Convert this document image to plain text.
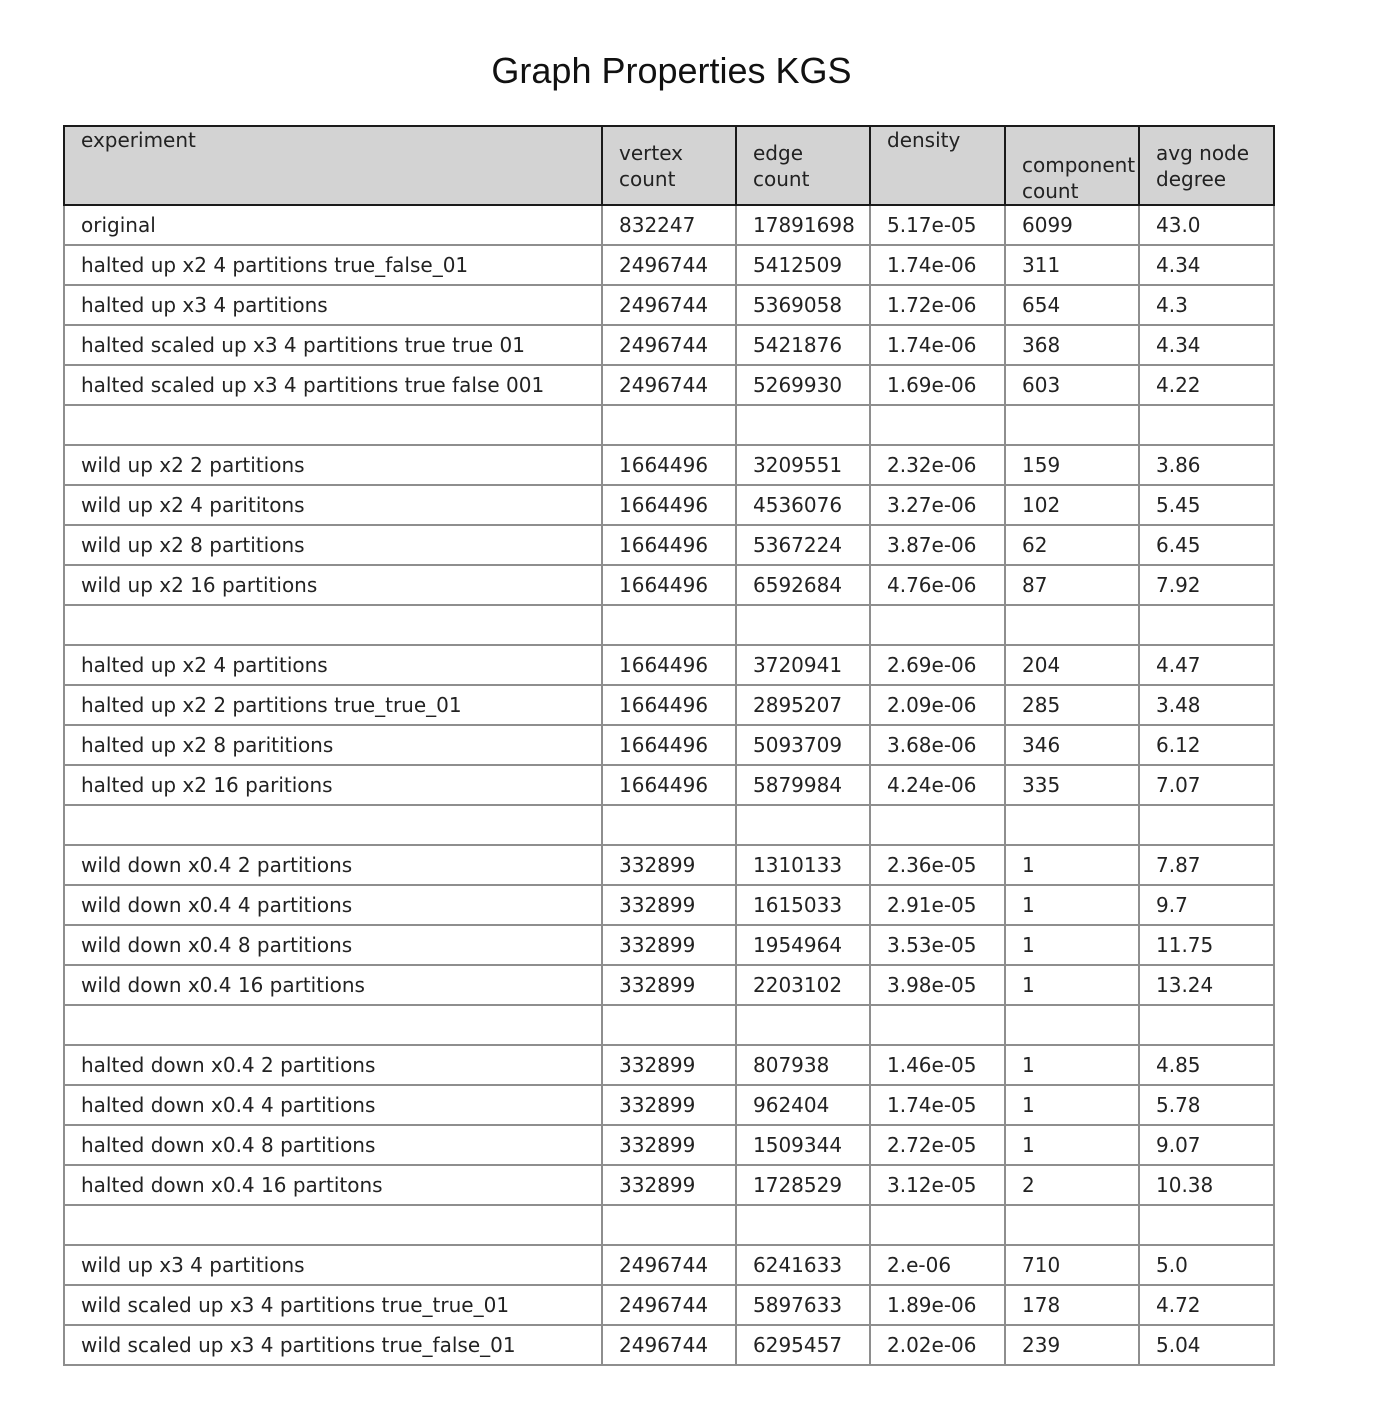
Graph Properties KGS
experiment	vertex count	edge count	density	component count	avg node degree
original	832247	17891698	5.17e-05	6099	43.0
halted up x2 4 partitions true_false_01	2496744	5412509	1.74e-06	311	4.34
halted up x3 4 partitions	2496744	5369058	1.72e-06	654	4.3
halted scaled up x3 4 partitions true true 01	2496744	5421876	1.74e-06	368	4.34
halted scaled up x3 4 partitions true false 001	2496744	5269930	1.69e-06	603	4.22

wild up x2 2 partitions	1664496	3209551	2.32e-06	159	3.86
wild up x2 4 parititons	1664496	4536076	3.27e-06	102	5.45
wild up x2 8 partitions	1664496	5367224	3.87e-06	62	6.45
wild up x2 16 partitions	1664496	6592684	4.76e-06	87	7.92

halted up x2 4 partitions	1664496	3720941	2.69e-06	204	4.47
halted up x2 2 partitions true_true_01	1664496	2895207	2.09e-06	285	3.48
halted up x2 8 parititions	1664496	5093709	3.68e-06	346	6.12
halted up x2 16 paritions	1664496	5879984	4.24e-06	335	7.07

wild down x0.4 2 partitions	332899	1310133	2.36e-05	1	7.87
wild down x0.4 4 partitions	332899	1615033	2.91e-05	1	9.7
wild down x0.4 8 partitions	332899	1954964	3.53e-05	1	11.75
wild down x0.4 16 partitions	332899	2203102	3.98e-05	1	13.24

halted down x0.4 2 partitions	332899	807938	1.46e-05	1	4.85
halted down x0.4 4 partitions	332899	962404	1.74e-05	1	5.78
halted down x0.4 8 partitions	332899	1509344	2.72e-05	1	9.07
halted down x0.4 16 partitons	332899	1728529	3.12e-05	2	10.38

wild up x3 4 partitions	2496744	6241633	2.e-06	710	5.0
wild scaled up x3 4 partitions true_true_01	2496744	5897633	1.89e-06	178	4.72
wild scaled up x3 4 partitions true_false_01	2496744	6295457	2.02e-06	239	5.04
